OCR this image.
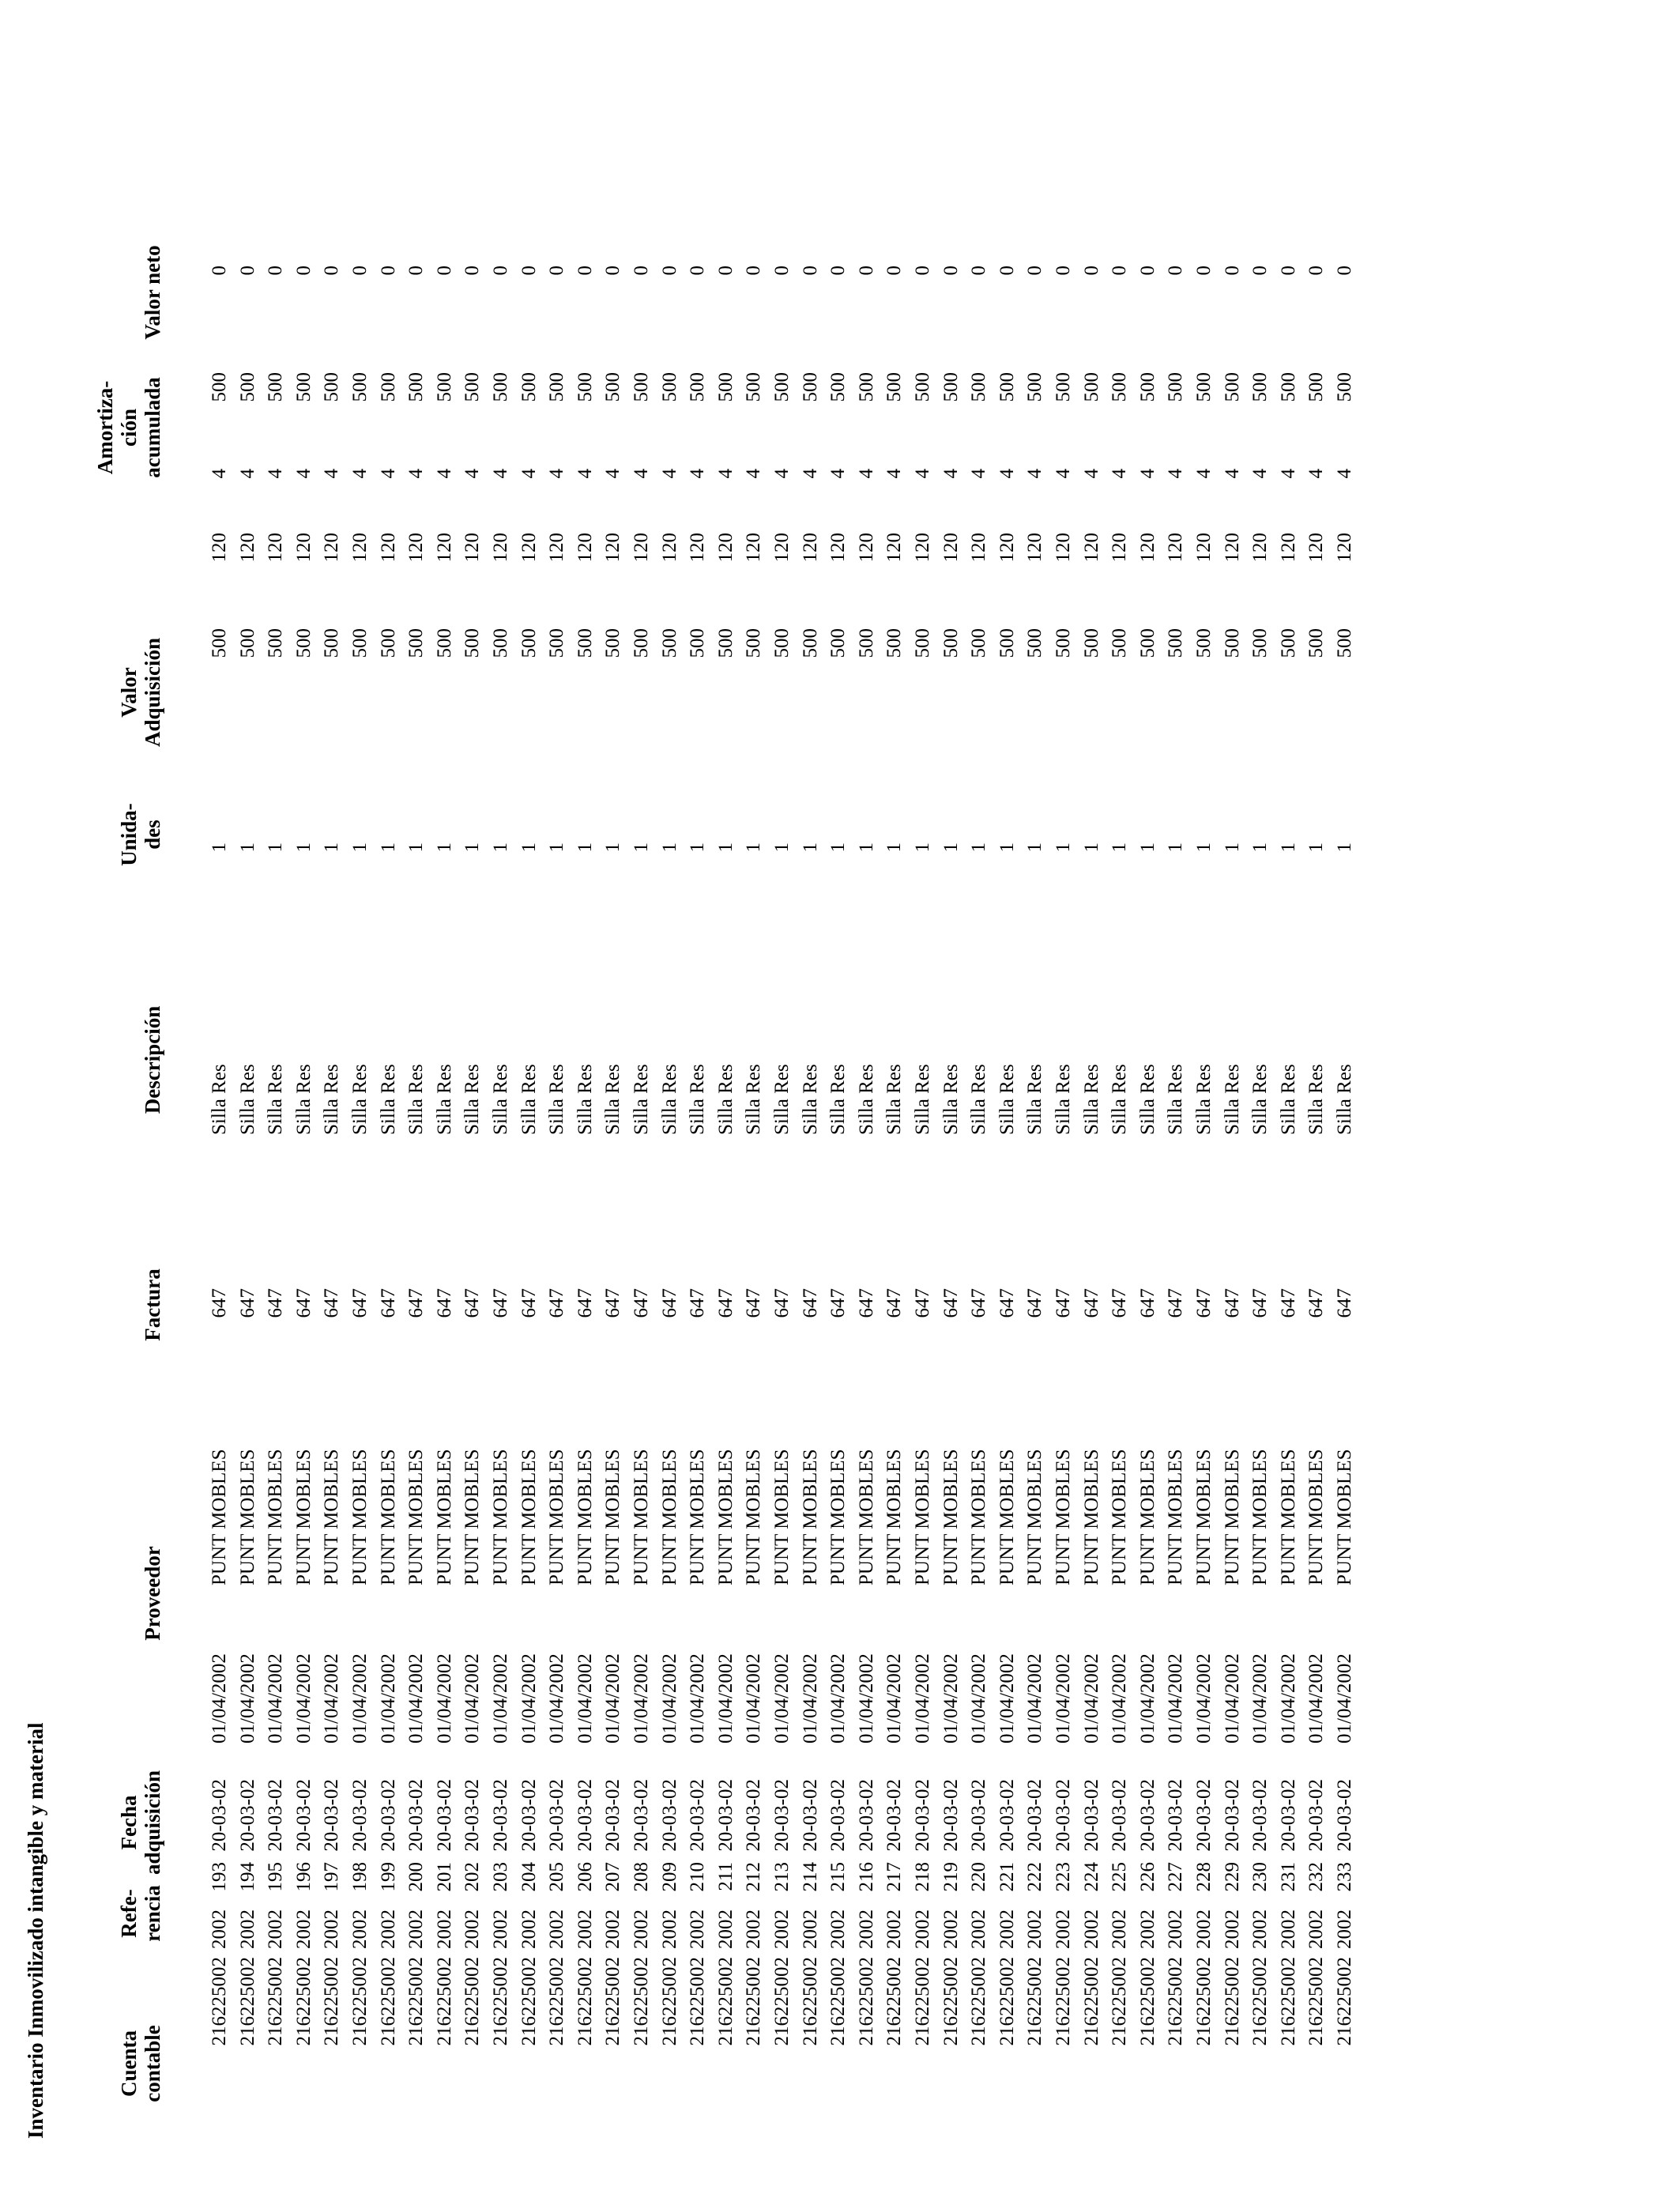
Inventario Inmovilizado intangible y material	Cuenta contable
Refe- rencia
Fecha adquisición
Proveedor
Factura
Descripción
Unida- des
Valor Adquisición
Amortiza- ción acumulada
Valor neto
216225002
2002
193
20-03-02
01/04/2002
PUNT MOBLES
647
Silla Res
1
500
120
4
500
0
216225002
2002
194
20-03-02
01/04/2002
PUNT MOBLES
647
Silla Res
1
500
120
4
500
0
216225002
2002
195
20-03-02
01/04/2002
PUNT MOBLES
647
Silla Res
1
500
120
4
500
0
216225002
2002
196
20-03-02
01/04/2002
PUNT MOBLES
647
Silla Res
1
500
120
4
500
0
216225002
2002
197
20-03-02
01/04/2002
PUNT MOBLES
647
Silla Res
1
500
120
4
500
0
216225002
2002
198
20-03-02
01/04/2002
PUNT MOBLES
647
Silla Res
1
500
120
4
500
0
216225002
2002
199
20-03-02
01/04/2002
PUNT MOBLES
647
Silla Res
1
500
120
4
500
0
216225002
2002
200
20-03-02
01/04/2002
PUNT MOBLES
647
Silla Res
1
500
120
4
500
0
216225002
2002
201
20-03-02
01/04/2002
PUNT MOBLES
647
Silla Res
1
500
120
4
500
0
216225002
2002
202
20-03-02
01/04/2002
PUNT MOBLES
647
Silla Res
1
500
120
4
500
0
216225002
2002
203
20-03-02
01/04/2002
PUNT MOBLES
647
Silla Res
1
500
120
4
500
0
216225002
2002
204
20-03-02
01/04/2002
PUNT MOBLES
647
Silla Res
1
500
120
4
500
0
216225002
2002
205
20-03-02
01/04/2002
PUNT MOBLES
647
Silla Res
1
500
120
4
500
0
216225002
2002
206
20-03-02
01/04/2002
PUNT MOBLES
647
Silla Res
1
500
120
4
500
0
216225002
2002
207
20-03-02
01/04/2002
PUNT MOBLES
647
Silla Res
1
500
120
4
500
0
216225002
2002
208
20-03-02
01/04/2002
PUNT MOBLES
647
Silla Res
1
500
120
4
500
0
216225002
2002
209
20-03-02
01/04/2002
PUNT MOBLES
647
Silla Res
1
500
120
4
500
0
216225002
2002
210
20-03-02
01/04/2002
PUNT MOBLES
647
Silla Res
1
500
120
4
500
0
216225002
2002
211
20-03-02
01/04/2002
PUNT MOBLES
647
Silla Res
1
500
120
4
500
0
216225002
2002
212
20-03-02
01/04/2002
PUNT MOBLES
647
Silla Res
1
500
120
4
500
0
216225002
2002
213
20-03-02
01/04/2002
PUNT MOBLES
647
Silla Res
1
500
120
4
500
0
216225002
2002
214
20-03-02
01/04/2002
PUNT MOBLES
647
Silla Res
1
500
120
4
500
0
216225002
2002
215
20-03-02
01/04/2002
PUNT MOBLES
647
Silla Res
1
500
120
4
500
0
216225002
2002
216
20-03-02
01/04/2002
PUNT MOBLES
647
Silla Res
1
500
120
4
500
0
216225002
2002
217
20-03-02
01/04/2002
PUNT MOBLES
647
Silla Res
1
500
120
4
500
0
216225002
2002
218
20-03-02
01/04/2002
PUNT MOBLES
647
Silla Res
1
500
120
4
500
0
216225002
2002
219
20-03-02
01/04/2002
PUNT MOBLES
647
Silla Res
1
500
120
4
500
0
216225002
2002
220
20-03-02
01/04/2002
PUNT MOBLES
647
Silla Res
1
500
120
4
500
0
216225002
2002
221
20-03-02
01/04/2002
PUNT MOBLES
647
Silla Res
1
500
120
4
500
0
216225002
2002
222
20-03-02
01/04/2002
PUNT MOBLES
647
Silla Res
1
500
120
4
500
0
216225002
2002
223
20-03-02
01/04/2002
PUNT MOBLES
647
Silla Res
1
500
120
4
500
0
216225002
2002
224
20-03-02
01/04/2002
PUNT MOBLES
647
Silla Res
1
500
120
4
500
0
216225002
2002
225
20-03-02
01/04/2002
PUNT MOBLES
647
Silla Res
1
500
120
4
500
0
216225002
2002
226
20-03-02
01/04/2002
PUNT MOBLES
647
Silla Res
1
500
120
4
500
0
216225002
2002
227
20-03-02
01/04/2002
PUNT MOBLES
647
Silla Res
1
500
120
4
500
0
216225002
2002
228
20-03-02
01/04/2002
PUNT MOBLES
647
Silla Res
1
500
120
4
500
0
216225002
2002
229
20-03-02
01/04/2002
PUNT MOBLES
647
Silla Res
1
500
120
4
500
0
216225002
2002
230
20-03-02
01/04/2002
PUNT MOBLES
647
Silla Res
1
500
120
4
500
0
216225002
2002
231
20-03-02
01/04/2002
PUNT MOBLES
647
Silla Res
1
500
120
4
500
0
216225002
2002
232
20-03-02
01/04/2002
PUNT MOBLES
647
Silla Res
1
500
120
4
500
0
216225002
2002
233
20-03-02
01/04/2002
PUNT MOBLES
647
Silla Res
1
500
120
4
500
0
